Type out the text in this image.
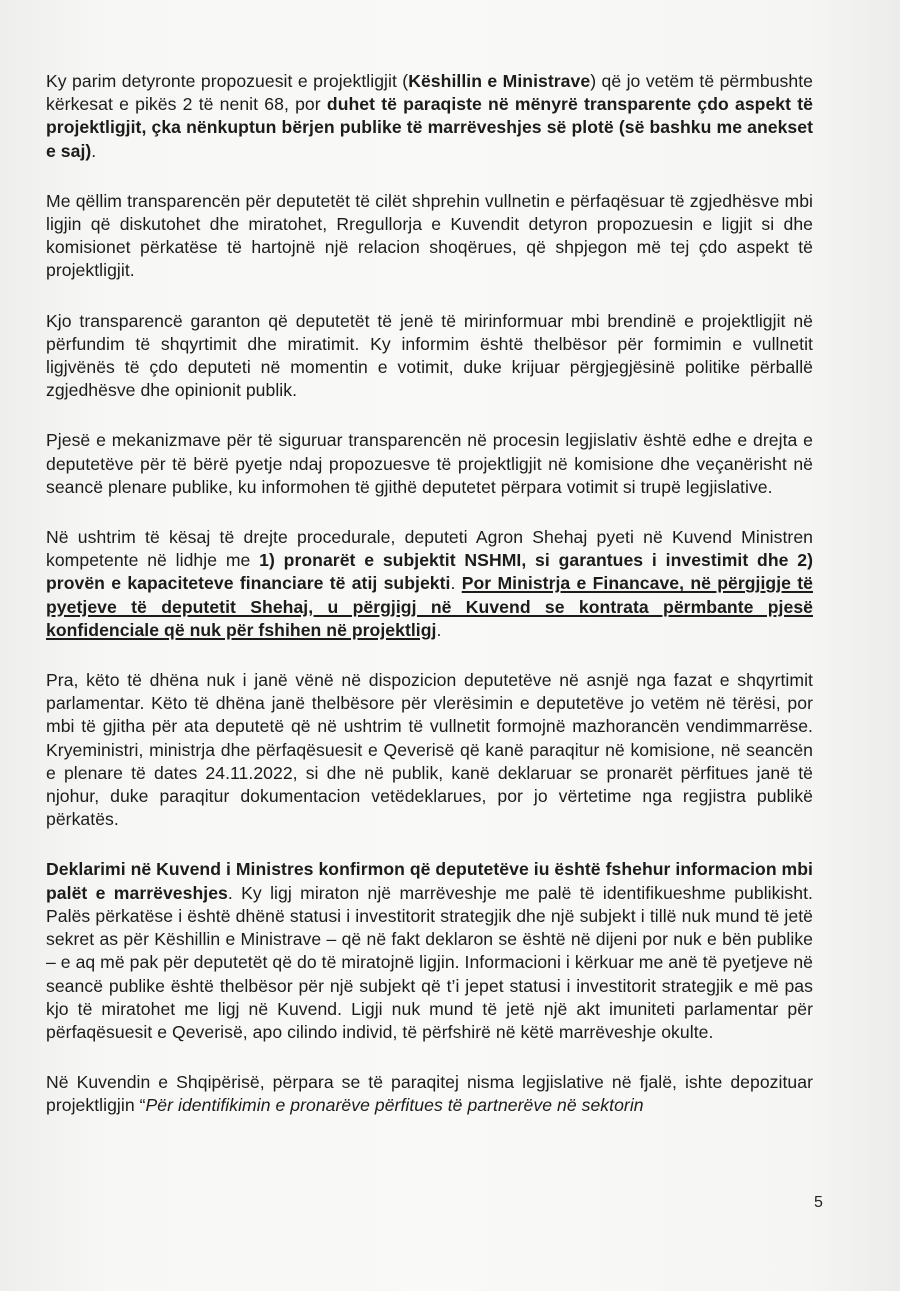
Ky parim detyronte propozuesit e projektligjit (Këshillin e Ministrave) që jo vetëm të përmbushte kërkesat e pikës 2 të nenit 68, por duhet të paraqiste në mënyrë transparente çdo aspekt të projektligjit, çka nënkuptun bërjen publike të marrëveshjes së plotë (së bashku me anekset e saj).

Me qëllim transparencën për deputetët të cilët shprehin vullnetin e përfaqësuar të zgjedhësve mbi ligjin që diskutohet dhe miratohet, Rregullorja e Kuvendit detyron propozuesin e ligjit si dhe komisionet përkatëse të hartojnë një relacion shoqërues, që shpjegon më tej çdo aspekt të projektligjit.

Kjo transparencë garanton që deputetët të jenë të mirinformuar mbi brendinë e projektligjit në përfundim të shqyrtimit dhe miratimit. Ky informim është thelbësor për formimin e vullnetit ligjvënës të çdo deputeti në momentin e votimit, duke krijuar përgjegjësinë politike përballë zgjedhësve dhe opinionit publik.

Pjesë e mekanizmave për të siguruar transparencën në procesin legjislativ është edhe e drejta e deputetëve për të bërë pyetje ndaj propozuesve të projektligjit në komisione dhe veçanërisht në seancë plenare publike, ku informohen të gjithë deputetet përpara votimit si trupë legjislative.

Në ushtrim të kësaj të drejte procedurale, deputeti Agron Shehaj pyeti në Kuvend Ministren kompetente në lidhje me 1) pronarët e subjektit NSHMI, si garantues i investimit dhe 2) provën e kapaciteteve financiare të atij subjekti. Por Ministrja e Financave, në përgjigje të pyetjeve të deputetit Shehaj, u përgjigj në Kuvend se kontrata përmbante pjesë konfidenciale që nuk për fshihen në projektligj.

Pra, këto të dhëna nuk i janë vënë në dispozicion deputetëve në asnjë nga fazat e shqyrtimit parlamentar. Këto të dhëna janë thelbësore për vlerësimin e deputetëve jo vetëm në tërësi, por mbi të gjitha për ata deputetë që në ushtrim të vullnetit formojnë mazhorancën vendimmarrëse. Kryeministri, ministrja dhe përfaqësuesit e Qeverisë që kanë paraqitur në komisione, në seancën e plenare të dates 24.11.2022, si dhe në publik, kanë deklaruar se pronarët përfitues janë të njohur, duke paraqitur dokumentacion vetëdeklarues, por jo vërtetime nga regjistra publikë përkatës.

Deklarimi në Kuvend i Ministres konfirmon që deputetëve iu është fshehur informacion mbi palët e marrëveshjes. Ky ligj miraton një marrëveshje me palë të identifikueshme publikisht. Palës përkatëse i është dhënë statusi i investitorit strategjik dhe një subjekt i tillë nuk mund të jetë sekret as për Këshillin e Ministrave – që në fakt deklaron se është në dijeni por nuk e bën publike – e aq më pak për deputetët që do të miratojnë ligjin. Informacioni i kërkuar me anë të pyetjeve në seancë publike është thelbësor për një subjekt që t’i jepet statusi i investitorit strategjik e më pas kjo të miratohet me ligj në Kuvend. Ligji nuk mund të jetë një akt imuniteti parlamentar për përfaqësuesit e Qeverisë, apo cilindo individ, të përfshirë në këtë marrëveshje okulte.

Në Kuvendin e Shqipërisë, përpara se të paraqitej nisma legjislative në fjalë, ishte depozituar projektligjin “Për identifikimin e pronarëve përfitues të partnerëve në sektorin

5
